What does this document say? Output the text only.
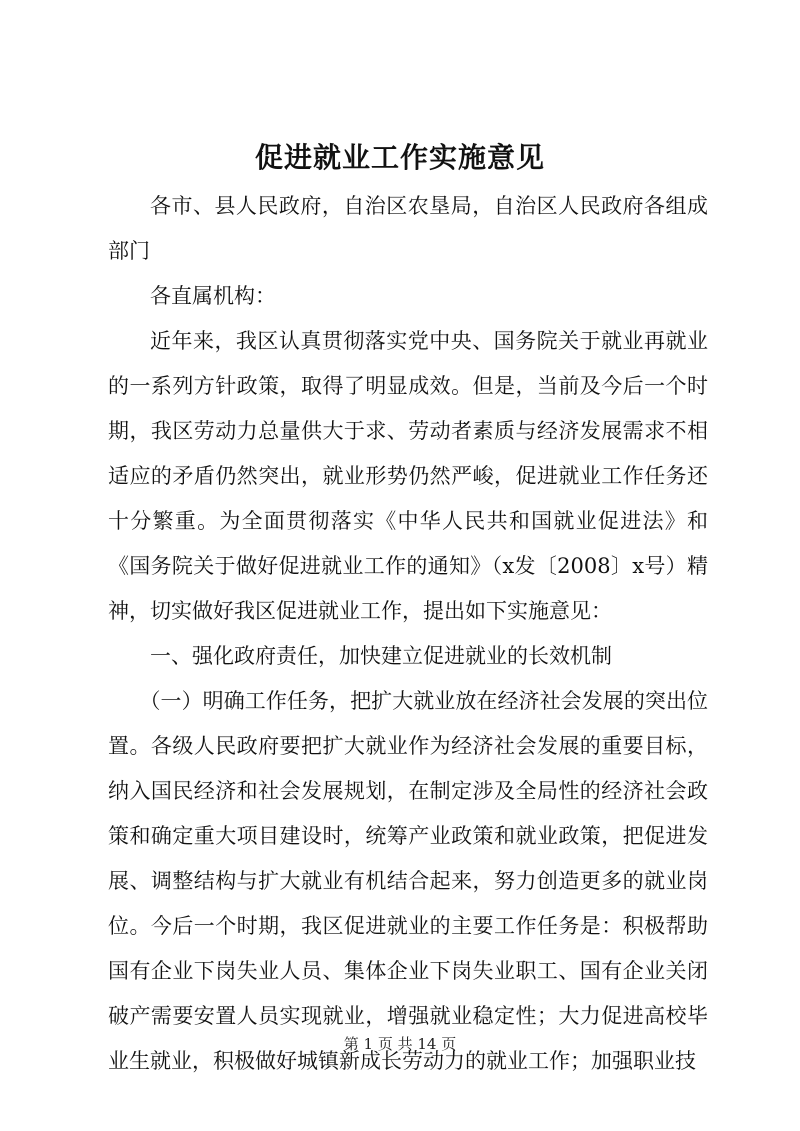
促进就业工作实施意见

各市、县人民政府，自治区农垦局，自治区人民政府各组成部门

各直属机构：

近年来，我区认真贯彻落实党中央、国务院关于就业再就业的一系列方针政策，取得了明显成效。但是，当前及今后一个时期，我区劳动力总量供大于求、劳动者素质与经济发展需求不相适应的矛盾仍然突出，就业形势仍然严峻，促进就业工作任务还十分繁重。为全面贯彻落实《中华人民共和国就业促进法》和《国务院关于做好促进就业工作的通知》（x发〔2008〕x号）精神，切实做好我区促进就业工作，提出如下实施意见：

一、强化政府责任，加快建立促进就业的长效机制

（一）明确工作任务，把扩大就业放在经济社会发展的突出位置。各级人民政府要把扩大就业作为经济社会发展的重要目标，纳入国民经济和社会发展规划，在制定涉及全局性的经济社会政策和确定重大项目建设时，统筹产业政策和就业政策，把促进发展、调整结构与扩大就业有机结合起来，努力创造更多的就业岗位。今后一个时期，我区促进就业的主要工作任务是：积极帮助国有企业下岗失业人员、集体企业下岗失业职工、国有企业关闭破产需要安置人员实现就业，增强就业稳定性；大力促进高校毕业生就业，积极做好城镇新成长劳动力的就业工作；加强职业技

第 1 页 共 14 页
